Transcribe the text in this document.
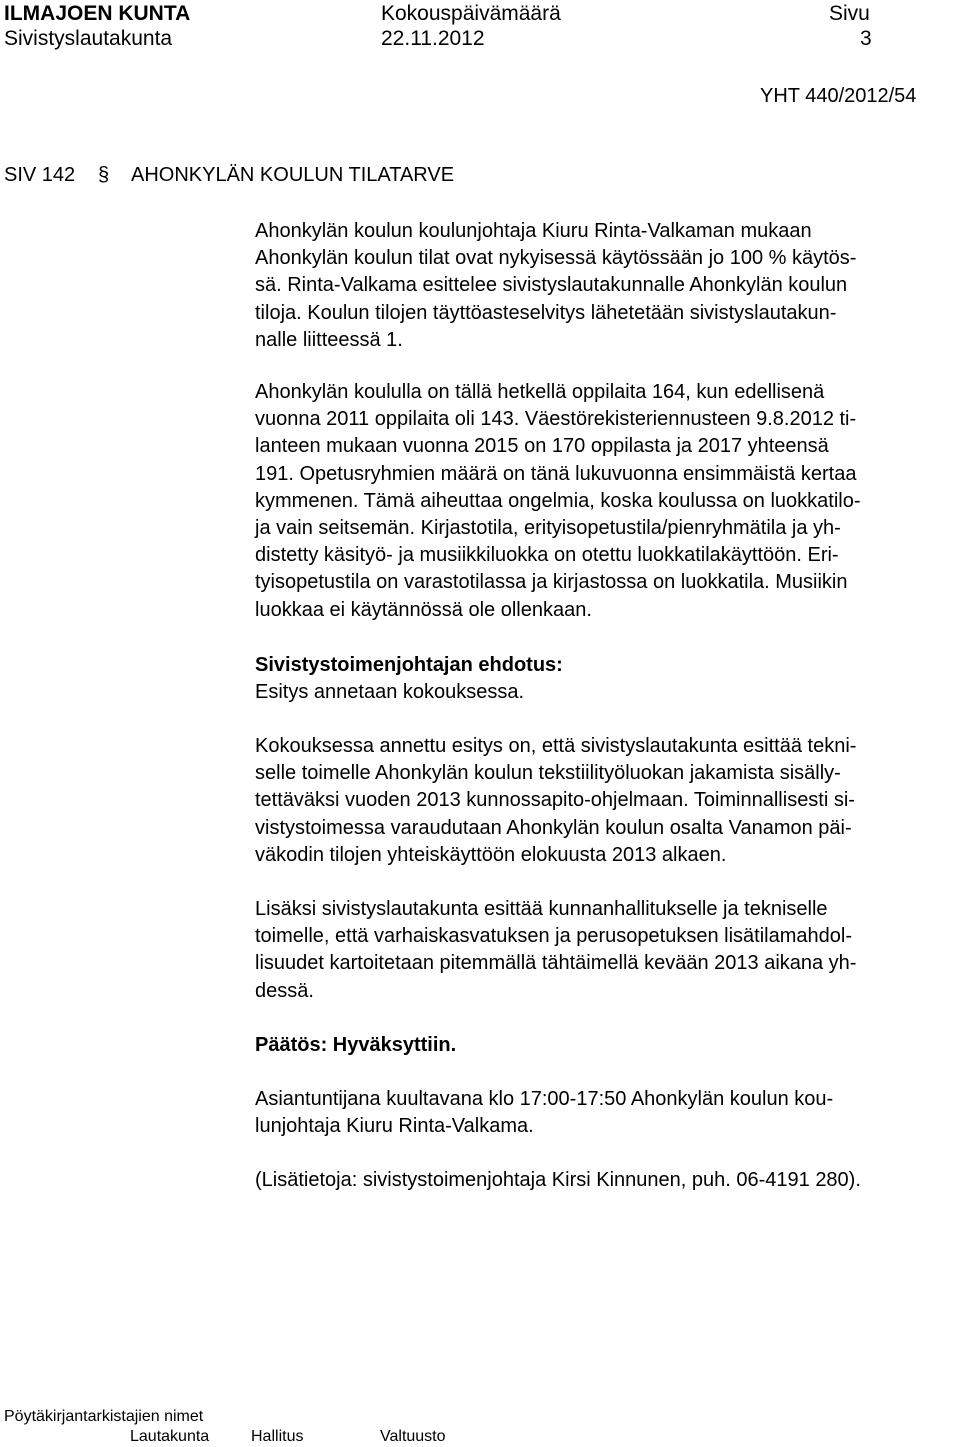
ILMAJOEN KUNTA
Sivistyslautakunta
Kokouspäivämäärä
22.11.2012
Sivu
3
YHT 440/2012/54
SIV 142 § AHONKYLÄN KOULUN TILATARVE
Ahonkylän koulun koulunjohtaja Kiuru Rinta-Valkaman mukaan
Ahonkylän koulun tilat ovat nykyisessä käytössään jo 100 % käytös-
sä. Rinta-Valkama esittelee sivistyslautakunnalle Ahonkylän koulun
tiloja. Koulun tilojen täyttöasteselvitys lähetetään sivistyslautakun-
nalle liitteessä 1.
Ahonkylän koululla on tällä hetkellä oppilaita 164, kun edellisenä
vuonna 2011 oppilaita oli 143. Väestörekisteriennusteen 9.8.2012 ti-
lanteen mukaan vuonna 2015 on 170 oppilasta ja 2017 yhteensä
191. Opetusryhmien määrä on tänä lukuvuonna ensimmäistä kertaa
kymmenen. Tämä aiheuttaa ongelmia, koska koulussa on luokkatilo-
ja vain seitsemän. Kirjastotila, erityisopetustila/pienryhmätila ja yh-
distetty käsityö- ja musiikkiluokka on otettu luokkatilakäyttöön. Eri-
tyisopetustila on varastotilassa ja kirjastossa on luokkatila. Musiikin
luokkaa ei käytännössä ole ollenkaan.
Sivistystoimenjohtajan ehdotus:
Esitys annetaan kokouksessa.
Kokouksessa annettu esitys on, että sivistyslautakunta esittää tekni-
selle toimelle Ahonkylän koulun tekstiilityöluokan jakamista sisälly-
tettäväksi vuoden 2013 kunnossapito-ohjelmaan. Toiminnallisesti si-
vistystoimessa varaudutaan Ahonkylän koulun osalta Vanamon päi-
väkodin tilojen yhteiskäyttöön elokuusta 2013 alkaen.
Lisäksi sivistyslautakunta esittää kunnanhallitukselle ja tekniselle
toimelle, että varhaiskasvatuksen ja perusopetuksen lisätilamahdol-
lisuudet kartoitetaan pitemmällä tähtäimellä kevään 2013 aikana yh-
dessä.
Päätös: Hyväksyttiin.
Asiantuntijana kuultavana klo 17:00-17:50 Ahonkylän koulun kou-
lunjohtaja Kiuru Rinta-Valkama.
(Lisätietoja: sivistystoimenjohtaja Kirsi Kinnunen, puh. 06-4191 280).
Pöytäkirjantarkistajien nimet
Lautakunta	Hallitus	Valtuusto
